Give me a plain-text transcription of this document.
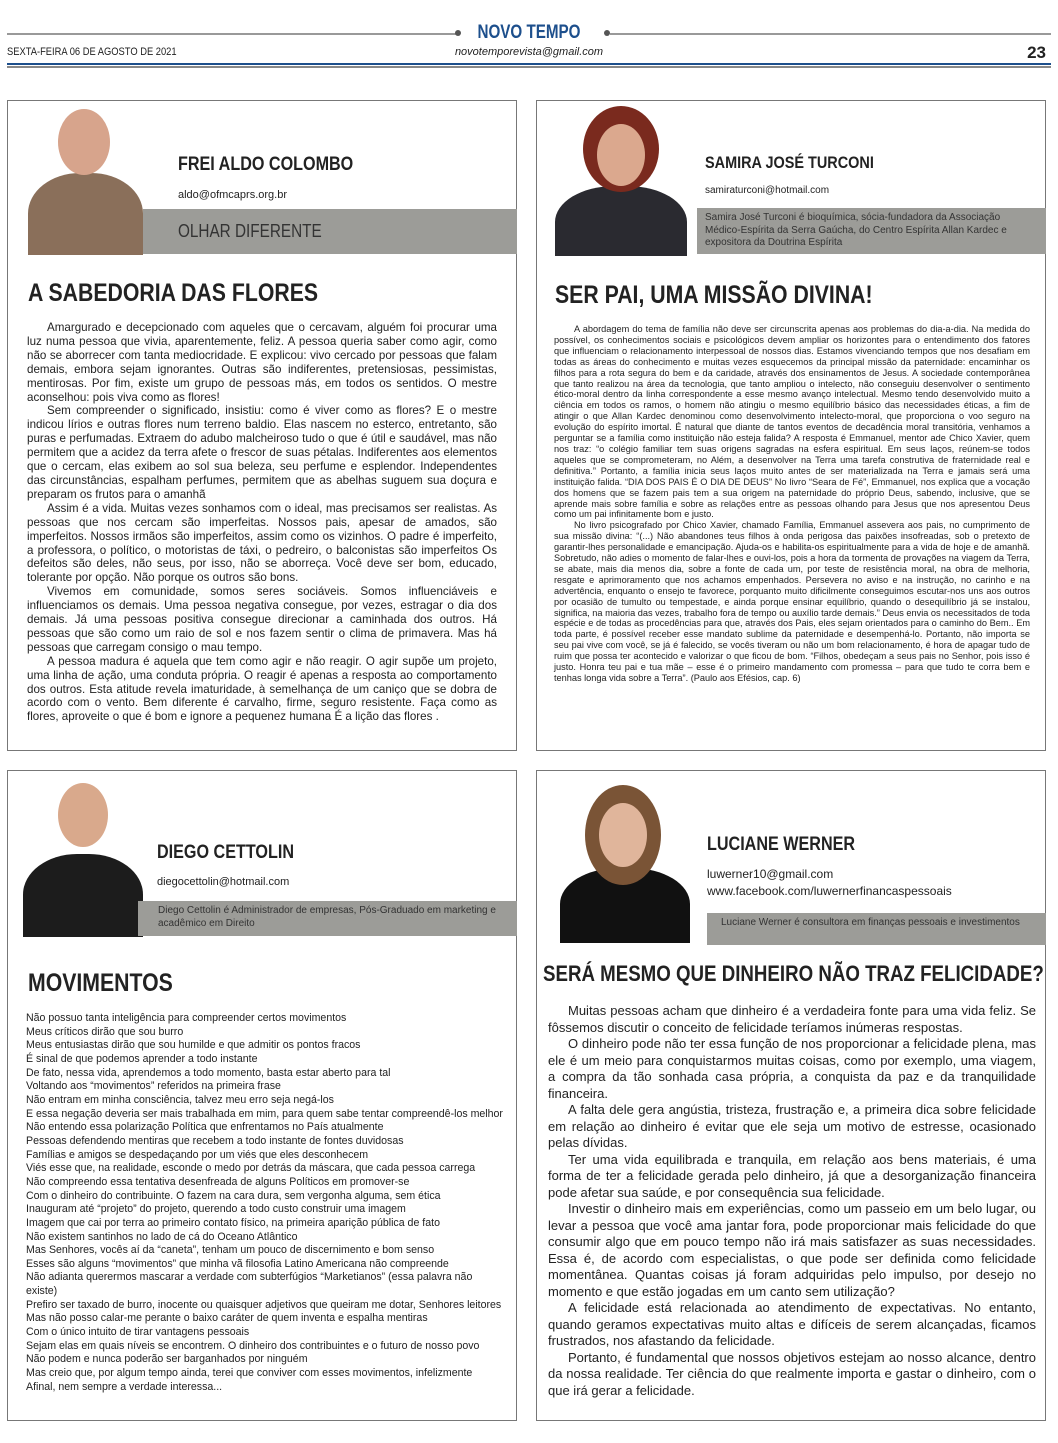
NOVO TEMPO
SEXTA-FEIRA 06 DE AGOSTO DE 2021	novotemporevista@gmail.com	23
FREI ALDO COLOMBO
aldo@ofmcaprs.org.br
OLHAR DIFERENTE
A SABEDORIA DAS FLORES

Amargurado e decepcionado com aqueles que o cercavam, alguém foi procurar uma luz numa pessoa que vivia, aparentemente, feliz. A pessoa queria saber como agir, como não se aborrecer com tanta mediocridade. E explicou: vivo cercado por pessoas que falam demais, embora sejam ignorantes. Outras são indiferentes, pretensiosas, pessimistas, mentirosas. Por fim, existe um grupo de pessoas más, em todos os sentidos. O mestre aconselhou: pois viva como as flores!

Sem compreender o significado, insistiu: como é viver como as flores? E o mestre indicou lírios e outras flores num terreno baldio. Elas nascem no esterco, entretanto, são puras e perfumadas. Extraem do adubo malcheiroso tudo o que é útil e saudável, mas não permitem que a acidez da terra afete o frescor de suas pétalas. Indiferentes aos elementos que o cercam, elas exibem ao sol sua beleza, seu perfume e esplendor. Independentes das circunstâncias, espalham perfumes, permitem que as abelhas suguem sua doçura e preparam os frutos para o amanhã

Assim é a vida. Muitas vezes sonhamos com o ideal, mas precisamos ser realistas. As pessoas que nos cercam são imperfeitas. Nossos pais, apesar de amados, são imperfeitos. Nossos irmãos são imperfeitos, assim como os vizinhos. O padre é imperfeito, a professora, o político, o motoristas de táxi, o pedreiro, o balconistas são imperfeitos Os defeitos são deles, não seus, por isso, não se aborreça. Você deve ser bom, educado, tolerante por opção. Não porque os outros são bons.

Vivemos em comunidade, somos seres sociáveis. Somos influenciáveis e influenciamos os demais. Uma pessoa negativa consegue, por vezes, estragar o dia dos demais. Já uma pessoas positiva consegue direcionar a caminhada dos outros. Há pessoas que são como um raio de sol e nos fazem sentir o clima de primavera. Mas há pessoas que carregam consigo o mau tempo.

A pessoa madura é aquela que tem como agir e não reagir. O agir supõe um projeto, uma linha de ação, uma conduta própria. O reagir é apenas a resposta ao comportamento dos outros. Esta atitude revela imaturidade, à semelhança de um caniço que se dobra de acordo com o vento. Bem diferente é carvalho, firme, seguro resistente. Faça como as flores, aproveite o que é bom e ignore a pequenez humana É a lição das flores .

Samira José Turconi é bioquímica, sócia-fundadora da Associação Médico-Espírita da Serra Gaúcha, do Centro Espírita Allan Kardec e expositora da Doutrina Espírita
SAMIRA JOSÉ TURCONI
samiraturconi@hotmail.com
SER PAI, UMA MISSÃO DIVINA!

A abordagem do tema de família não deve ser circunscrita apenas aos problemas do dia-a-dia. Na medida do possível, os conhecimentos sociais e psicológicos devem ampliar os horizontes para o entendimento dos fatores que influenciam o relacionamento interpessoal de nossos dias. Estamos vivenciando tempos que nos desafiam em todas as áreas do conhecimento e muitas vezes esquecemos da principal missão da paternidade: encaminhar os filhos para a rota segura do bem e da caridade, através dos ensinamentos de Jesus. A sociedade contemporânea que tanto realizou na área da tecnologia, que tanto ampliou o intelecto, não conseguiu desenvolver o sentimento ético-moral dentro da linha correspondente a esse mesmo avanço intelectual. Mesmo tendo desenvolvido muito a ciência em todos os ramos, o homem não atingiu o mesmo equilíbrio básico das necessidades éticas, a fim de atingir o que Allan Kardec denominou como desenvolvimento intelecto-moral, que proporciona o voo seguro na evolução do espírito imortal. É natural que diante de tantos eventos de decadência moral transitória, venhamos a perguntar se a família como instituição não esteja falida? A resposta é Emmanuel, mentor ade Chico Xavier, quem nos traz: “o colégio familiar tem suas origens sagradas na esfera espiritual. Em seus laços, reúnem-se todos aqueles que se comprometeram, no Além, a desenvolver na Terra uma tarefa construtiva de fraternidade real e definitiva.” Portanto, a família inicia seus laços muito antes de ser materializada na Terra e jamais será uma instituição falida. “DIA DOS PAIS É O DIA DE DEUS” No livro “Seara de Fé”, Emmanuel, nos explica que a vocação dos homens que se fazem pais tem a sua origem na paternidade do próprio Deus, sabendo, inclusive, que se aprende mais sobre família e sobre as relações entre as pessoas olhando para Jesus que nos apresentou Deus como um pai infinitamente bom e justo.

No livro psicografado por Chico Xavier, chamado Família, Emmanuel assevera aos pais, no cumprimento de sua missão divina: “(...) Não abandones teus filhos à onda perigosa das paixões insofreadas, sob o pretexto de garantir-lhes personalidade e emancipação. Ajuda-os e habilita-os espiritualmente para a vida de hoje e de amanhã. Sobretudo, não adies o momento de falar-lhes e ouvi-los, pois a hora da tormenta de provações na viagem da Terra, se abate, mais dia menos dia, sobre a fonte de cada um, por teste de resistência moral, na obra de melhoria, resgate e aprimoramento que nos achamos empenhados. Persevera no aviso e na instrução, no carinho e na advertência, enquanto o ensejo te favorece, porquanto muito dificilmente conseguimos escutar-nos uns aos outros por ocasião de tumulto ou tempestade, e ainda porque ensinar equilíbrio, quando o desequilíbrio já se instalou, significa, na maioria das vezes, trabalho fora de tempo ou auxílio tarde demais.” Deus envia os necessitados de toda espécie e de todas as procedências para que, através dos Pais, eles sejam orientados para o caminho do Bem.. Em toda parte, é possível receber esse mandato sublime da paternidade e desempenhá-lo. Portanto, não importa se seu pai vive com você, se já é falecido, se vocês tiveram ou não um bom relacionamento, é hora de apagar tudo de ruim que possa ter acontecido e valorizar o que ficou de bom. “Filhos, obedeçam a seus pais no Senhor, pois isso é justo. Honra teu pai e tua mãe – esse é o primeiro mandamento com promessa – para que tudo te corra bem e tenhas longa vida sobre a Terra”. (Paulo aos Efésios, cap. 6)

Diego Cettolin é Administrador de empresas, Pós-Graduado em marketing e acadêmico em Direito
DIEGO CETTOLIN
diegocettolin@hotmail.com
MOVIMENTOS
Não possuo tanta inteligência para compreender certos movimentos
Meus críticos dirão que sou burro
Meus entusiastas dirão que sou humilde e que admitir os pontos fracos
É sinal de que podemos aprender a todo instante
De fato, nessa vida, aprendemos a todo momento, basta estar aberto para tal
Voltando aos “movimentos” referidos na primeira frase
Não entram em minha consciência, talvez meu erro seja negá-los
E essa negação deveria ser mais trabalhada em mim, para quem sabe tentar compreendê-los melhor
Não entendo essa polarização Política que enfrentamos no País atualmente
Pessoas defendendo mentiras que recebem a todo instante de fontes duvidosas
Famílias e amigos se despedaçando por um viés que eles desconhecem
Viés esse que, na realidade, esconde o medo por detrás da máscara, que cada pessoa carrega
Não compreendo essa tentativa desenfreada de alguns Políticos em promover-se
Com o dinheiro do contribuinte. O fazem na cara dura, sem vergonha alguma, sem ética
Inauguram até “projeto” do projeto, querendo a todo custo construir uma imagem
Imagem que cai por terra ao primeiro contato físico, na primeira aparição pública de fato
Não existem santinhos no lado de cá do Oceano Atlântico
Mas Senhores, vocês aí da “caneta”, tenham um pouco de discernimento e bom senso
Esses são alguns “movimentos” que minha vã filosofia Latino Americana não compreende
Não adianta querermos mascarar a verdade com subterfúgios “Marketianos” (essa palavra não existe)
Prefiro ser taxado de burro, inocente ou quaisquer adjetivos que queiram me dotar, Senhores leitores
Mas não posso calar-me perante o baixo caráter de quem inventa e espalha mentiras
Com o único intuito de tirar vantagens pessoais
Sejam elas em quais níveis se encontrem. O dinheiro dos contribuintes e o futuro de nosso povo
Não podem e nunca poderão ser barganhados por ninguém
Mas creio que, por algum tempo ainda, terei que conviver com esses movimentos, infelizmente
Afinal, nem sempre a verdade interessa...
Luciane Werner é consultora em finanças pessoais e investimentos
LUCIANE WERNER
luwerner10@gmail.com
www.facebook.com/luwernerfinancaspessoais
SERÁ MESMO QUE DINHEIRO NÃO TRAZ FELICIDADE?

Muitas pessoas acham que dinheiro é a verdadeira fonte para uma vida feliz. Se fôssemos discutir o conceito de felicidade teríamos inúmeras respostas.

O dinheiro pode não ter essa função de nos proporcionar a felicidade plena, mas ele é um meio para conquistarmos muitas coisas, como por exemplo, uma viagem, a compra da tão sonhada casa própria, a conquista da paz e da tranquilidade financeira.

A falta dele gera angústia, tristeza, frustração e, a primeira dica sobre felicidade em relação ao dinheiro é evitar que ele seja um motivo de estresse, ocasionado pelas dívidas.

Ter uma vida equilibrada e tranquila, em relação aos bens materiais, é uma forma de ter a felicidade gerada pelo dinheiro, já que a desorganização financeira pode afetar sua saúde, e por consequência sua felicidade.

Investir o dinheiro mais em experiências, como um passeio em um belo lugar, ou levar a pessoa que você ama jantar fora, pode proporcionar mais felicidade do que consumir algo que em pouco tempo não irá mais satisfazer as suas necessidades. Essa é, de acordo com especialistas, o que pode ser definida como felicidade momentânea. Quantas coisas já foram adquiridas pelo impulso, por desejo no momento e que estão jogadas em um canto sem utilização?

A felicidade está relacionada ao atendimento de expectativas. No entanto, quando geramos expectativas muito altas e difíceis de serem alcançadas, ficamos frustrados, nos afastando da felicidade.

Portanto, é fundamental que nossos objetivos estejam ao nosso alcance, dentro da nossa realidade. Ter ciência do que realmente importa e gastar o dinheiro, com o que irá gerar a felicidade.
